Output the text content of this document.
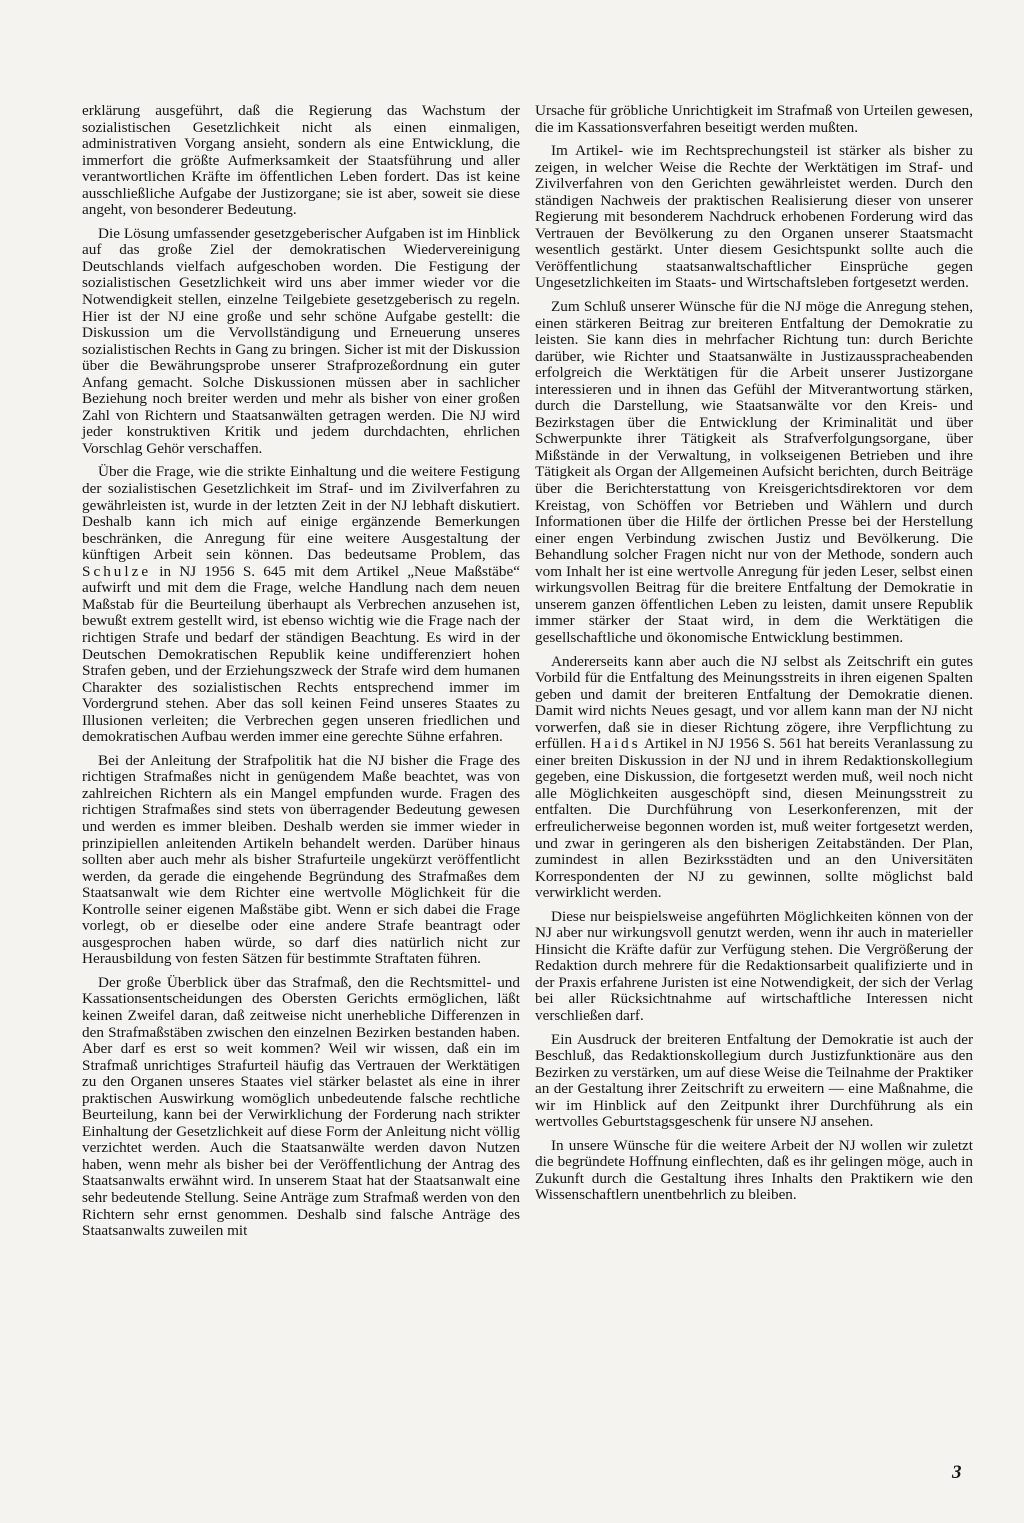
erklärung ausgeführt, daß die Regierung das Wachstum der sozialistischen Gesetzlichkeit nicht als einen einmaligen, administrativen Vorgang ansieht, sondern als eine Entwicklung, die immerfort die größte Aufmerksamkeit der Staatsführung und aller verantwortlichen Kräfte im öffentlichen Leben fordert. Das ist keine ausschließliche Aufgabe der Justizorgane; sie ist aber, soweit sie diese angeht, von besonderer Bedeutung.

Die Lösung umfassender gesetzgeberischer Aufgaben ist im Hinblick auf das große Ziel der demokratischen Wiedervereinigung Deutschlands vielfach aufgeschoben worden. Die Festigung der sozialistischen Gesetzlichkeit wird uns aber immer wieder vor die Notwendigkeit stellen, einzelne Teilgebiete gesetzgeberisch zu regeln. Hier ist der NJ eine große und sehr schöne Aufgabe gestellt: die Diskussion um die Vervollständigung und Erneuerung unseres sozialistischen Rechts in Gang zu bringen. Sicher ist mit der Diskussion über die Bewährungsprobe unserer Strafprozeßordnung ein guter Anfang gemacht. Solche Diskussionen müssen aber in sachlicher Beziehung noch breiter werden und mehr als bisher von einer großen Zahl von Richtern und Staatsanwälten getragen werden. Die NJ wird jeder konstruktiven Kritik und jedem durchdachten, ehrlichen Vorschlag Gehör verschaffen.

Über die Frage, wie die strikte Einhaltung und die weitere Festigung der sozialistischen Gesetzlichkeit im Straf- und im Zivilverfahren zu gewährleisten ist, wurde in der letzten Zeit in der NJ lebhaft diskutiert. Deshalb kann ich mich auf einige ergänzende Bemerkungen beschränken, die Anregung für eine weitere Ausgestaltung der künftigen Arbeit sein können. Das bedeutsame Problem, das Schulze in NJ 1956 S. 645 mit dem Artikel „Neue Maßstäbe“ aufwirft und mit dem die Frage, welche Handlung nach dem neuen Maßstab für die Beurteilung überhaupt als Verbrechen anzusehen ist, bewußt extrem gestellt wird, ist ebenso wichtig wie die Frage nach der richtigen Strafe und bedarf der ständigen Beachtung. Es wird in der Deutschen Demokratischen Republik keine undifferenziert hohen Strafen geben, und der Erziehungszweck der Strafe wird dem humanen Charakter des sozialistischen Rechts entsprechend immer im Vordergrund stehen. Aber das soll keinen Feind unseres Staates zu Illusionen verleiten; die Verbrechen gegen unseren friedlichen und demokratischen Aufbau werden immer eine gerechte Sühne erfahren.

Bei der Anleitung der Strafpolitik hat die NJ bisher die Frage des richtigen Strafmaßes nicht in genügendem Maße beachtet, was von zahlreichen Richtern als ein Mangel empfunden wurde. Fragen des richtigen Strafmaßes sind stets von überragender Bedeutung gewesen und werden es immer bleiben. Deshalb werden sie immer wieder in prinzipiellen anleitenden Artikeln behandelt werden. Darüber hinaus sollten aber auch mehr als bisher Strafurteile ungekürzt veröffentlicht werden, da gerade die eingehende Begründung des Strafmaßes dem Staatsanwalt wie dem Richter eine wertvolle Möglichkeit für die Kontrolle seiner eigenen Maßstäbe gibt. Wenn er sich dabei die Frage vorlegt, ob er dieselbe oder eine andere Strafe beantragt oder ausgesprochen haben würde, so darf dies natürlich nicht zur Herausbildung von festen Sätzen für bestimmte Straftaten führen.

Der große Überblick über das Strafmaß, den die Rechtsmittel- und Kassationsentscheidungen des Obersten Gerichts ermöglichen, läßt keinen Zweifel daran, daß zeitweise nicht unerhebliche Differenzen in den Strafmaßstäben zwischen den einzelnen Bezirken bestanden haben. Aber darf es erst so weit kommen? Weil wir wissen, daß ein im Strafmaß unrichtiges Strafurteil häufig das Vertrauen der Werktätigen zu den Organen unseres Staates viel stärker belastet als eine in ihrer praktischen Auswirkung womöglich unbedeutende falsche rechtliche Beurteilung, kann bei der Verwirklichung der Forderung nach strikter Einhaltung der Gesetzlichkeit auf diese Form der Anleitung nicht völlig verzichtet werden. Auch die Staatsanwälte werden davon Nutzen haben, wenn mehr als bisher bei der Veröffentlichung der Antrag des Staatsanwalts erwähnt wird. In unserem Staat hat der Staatsanwalt eine sehr bedeutende Stellung. Seine Anträge zum Strafmaß werden von den Richtern sehr ernst genommen. Deshalb sind falsche Anträge des Staatsanwalts zuweilen mit

Ursache für gröbliche Unrichtigkeit im Strafmaß von Urteilen gewesen, die im Kassationsverfahren beseitigt werden mußten.

Im Artikel- wie im Rechtsprechungsteil ist stärker als bisher zu zeigen, in welcher Weise die Rechte der Werktätigen im Straf- und Zivilverfahren von den Gerichten gewährleistet werden. Durch den ständigen Nachweis der praktischen Realisierung dieser von unserer Regierung mit besonderem Nachdruck erhobenen Forderung wird das Vertrauen der Bevölkerung zu den Organen unserer Staatsmacht wesentlich gestärkt. Unter diesem Gesichtspunkt sollte auch die Veröffentlichung staatsanwaltschaftlicher Einsprüche gegen Ungesetzlichkeiten im Staats- und Wirtschaftsleben fortgesetzt werden.

Zum Schluß unserer Wünsche für die NJ möge die Anregung stehen, einen stärkeren Beitrag zur breiteren Entfaltung der Demokratie zu leisten. Sie kann dies in mehrfacher Richtung tun: durch Berichte darüber, wie Richter und Staatsanwälte in Justizausspracheabenden erfolgreich die Werktätigen für die Arbeit unserer Justizorgane interessieren und in ihnen das Gefühl der Mitverantwortung stärken, durch die Darstellung, wie Staatsanwälte vor den Kreis- und Bezirkstagen über die Entwicklung der Kriminalität und über Schwerpunkte ihrer Tätigkeit als Strafverfolgungsorgane, über Mißstände in der Verwaltung, in volkseigenen Betrieben und ihre Tätigkeit als Organ der Allgemeinen Aufsicht berichten, durch Beiträge über die Berichterstattung von Kreisgerichtsdirektoren vor dem Kreistag, von Schöffen vor Betrieben und Wählern und durch Informationen über die Hilfe der örtlichen Presse bei der Herstellung einer engen Verbindung zwischen Justiz und Bevölkerung. Die Behandlung solcher Fragen nicht nur von der Methode, sondern auch vom Inhalt her ist eine wertvolle Anregung für jeden Leser, selbst einen wirkungsvollen Beitrag für die breitere Entfaltung der Demokratie in unserem ganzen öffentlichen Leben zu leisten, damit unsere Republik immer stärker der Staat wird, in dem die Werktätigen die gesellschaftliche und ökonomische Entwicklung bestimmen.

Andererseits kann aber auch die NJ selbst als Zeitschrift ein gutes Vorbild für die Entfaltung des Meinungsstreits in ihren eigenen Spalten geben und damit der breiteren Entfaltung der Demokratie dienen. Damit wird nichts Neues gesagt, und vor allem kann man der NJ nicht vorwerfen, daß sie in dieser Richtung zögere, ihre Verpflichtung zu erfüllen. Haids Artikel in NJ 1956 S. 561 hat bereits Veranlassung zu einer breiten Diskussion in der NJ und in ihrem Redaktionskollegium gegeben, eine Diskussion, die fortgesetzt werden muß, weil noch nicht alle Möglichkeiten ausgeschöpft sind, diesen Meinungsstreit zu entfalten. Die Durchführung von Leserkonferenzen, mit der erfreulicherweise begonnen worden ist, muß weiter fortgesetzt werden, und zwar in geringeren als den bisherigen Zeitabständen. Der Plan, zumindest in allen Bezirksstädten und an den Universitäten Korrespondenten der NJ zu gewinnen, sollte möglichst bald verwirklicht werden.

Diese nur beispielsweise angeführten Möglichkeiten können von der NJ aber nur wirkungsvoll genutzt werden, wenn ihr auch in materieller Hinsicht die Kräfte dafür zur Verfügung stehen. Die Vergrößerung der Redaktion durch mehrere für die Redaktionsarbeit qualifizierte und in der Praxis erfahrene Juristen ist eine Notwendigkeit, der sich der Verlag bei aller Rücksichtnahme auf wirtschaftliche Interessen nicht verschließen darf.

Ein Ausdruck der breiteren Entfaltung der Demokratie ist auch der Beschluß, das Redaktionskollegium durch Justizfunktionäre aus den Bezirken zu verstärken, um auf diese Weise die Teilnahme der Praktiker an der Gestaltung ihrer Zeitschrift zu erweitern — eine Maßnahme, die wir im Hinblick auf den Zeitpunkt ihrer Durchführung als ein wertvolles Geburtstagsgeschenk für unsere NJ ansehen.

In unsere Wünsche für die weitere Arbeit der NJ wollen wir zuletzt die begründete Hoffnung einflechten, daß es ihr gelingen möge, auch in Zukunft durch die Gestaltung ihres Inhalts den Praktikern wie den Wissenschaftlern unentbehrlich zu bleiben.

3
